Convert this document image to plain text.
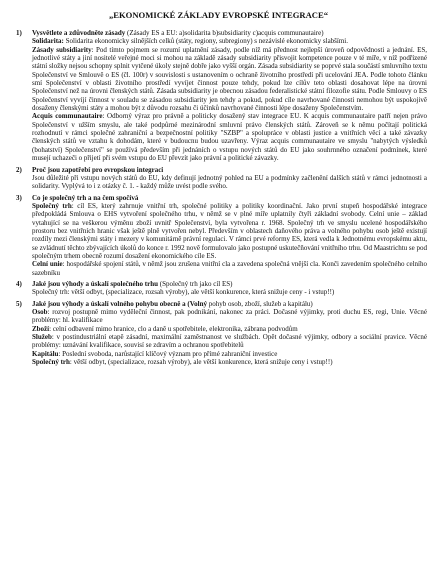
„EKONOMICKÉ ZÁKLADY EVROPSKÉ INTEGRACE“
1)	Vysvětlete a zdůvodněte zásady (Zásady ES a EU: a)solidarita b)subsidiarity c)acquis communautaire)

Solidarita: Solidarita ekonomicky silnějších celků (státy, regiony, subregiony) s nezávislé ekonomicky slabšími.

Zásady subsidiarity: Pod tímto pojmem se rozumí uplatnění zásady, podle níž má přednost nejlepší úroveň odpovědnosti a jednání. ES, jednotlivé státy a jiní nositelé veřejné moci si mohou na základě zásady subsidiarity přisvojit kompetence pouze v té míře, v níž podřízené státní složky nejsou schopny splnit vytčené úkoly stejně dobře jako vyšší orgán. Zásada subsidiarity se poprvé stala součástí smluvního textu Společenství ve Smlouvě o ES (čl. 100r) v souvislosti s ustanovením o ochraně životního prostředí při ucelování JEA. Podle tohoto článku smí Společenství v oblasti životního prostředí vyvíjet činnost pouze tehdy, pokud lze cílův teto oblasti dosahovat lépe na úrovni Společenství než na úrovni členských států. Zásada subsidiarity je obecnou zásadou federalistické státní filozofie státu. Podle Smlouvy o ES Společenství vyvíjí činnost v souladu se zásadou subsidiarity jen tehdy a pokud, pokud cíle navrhované činnosti nemohou být uspokojivě dosaženy členskými státy a mohou být z důvodu rozsahu či účinků navrhované činnosti lépe dosaženy Společenstvím.

Acquis communautaire: Odborný výraz pro právně a politicky dosažený stav integrace EU. K acquis communautaire patří nejen právo Společenství v užším smyslu, ale také podpůrné mezinárodní smluvní právo členských států. Zároveň se k němu počítají politická rozhodnutí v rámci společné zahraniční a bezpečnostní politiky "SZBP" a spolupráce v oblasti justice a vnitřních věcí a také závazky členských států ve vztahu k dohodám, které v budoucnu budou uzavřeny. Výraz acquis communautaire ve smyslu "nabytých výsledků (bohatství) Společenství" se používá především při jednáních o vstupu nových států do EU jako souhrnného označení podmínek, které musejí uchazeči o přijetí při svém vstupu do EU převzít jako právní a politické závazky.

2)	Proč jsou zapotřebí pro evropskou integraci

Jsou důležité při vstupu nových států do EU, kdy definují jednotný pohled na EU a podmínky začlenění dalších států v rámci jednotnosti a solidarity. Vyplývá to i z otázky č. 1. - každý může uvést podle svého.

3)	Co je společný trh a na čem spočívá

Společný trh: cíl ES, který zahrnuje vnitřní trh, společné politiky a politiky koordinační. Jako první stupeň hospodářské integrace předpokládá Smlouva o EHS vytvoření společného trhu, v němž se v plné míře uplatnily čtyři základní svobody. Celní unie – základ vytahující se na veškerou výměnu zboží uvnitř Společenství, byla vytvořena r. 1968. Společný trh ve smyslu ucelené hospodářského prostoru bez vnitřních hranic však ještě plně vytvořen nebyl. Především v oblastech daňového práva a volného pohybu osob ještě existují rozdíly mezi členskými státy i mezery v komunitárně právní regulaci. V rámci prvé reformy ES, která vedla k Jednotnému evropskému aktu, se zvládnutí těchto zbývajících úkolů do konce r. 1992 nově formulovalo jako postupné uskutečňování vnitřního trhu. Od Maastrichtu se pod společným trhem obecně rozumí dosažení ekonomického cíle ES.

Celní unie: hospodářské spojení států, v němž jsou zrušena vnitřní cla a zavedena společná vnější cla. Konči zavedením společného celního sazebníku

4)	Jaké jsou výhody a úskalí společného trhu (Společný trh jako cíl ES)

Společný trh: větší odbyt, (specializace, rozsah výroby), ale větší konkurence, která snižuje ceny - i vstup!!)

5)	Jaké jsou výhody a úskalí volného pohybu obecně a (Volný pohyb osob, zboží, služeb a kapitálu)

Osob: rozvoj postupně mimo vyděleční činnost, pak podnikání, nakonec za práci. Dočasné výjimky, proti duchu ES, regi, Unie. Věcné problémy: hl. kvalifikace

Zboží: celní odbavení mimo hranice, clo a daně u spotřebitele, elektronika, zábrana podvodům

Služeb: v postindustriální etapě zásadní, maximální zaměstnanost ve službách. Opět dočasné výjimky, odbory a sociální pravice. Věcné problémy: uznávání kvalifikace, souvisí se zdravím a ochranou spotřebitelů

Kapitálu: Poslední svoboda, narůstající klíčový význam pro přímé zahraniční investice

Společný trh: větší odbyt, (specializace, rozsah výroby), ale větší konkurence, která snižuje ceny i vstup!!)
